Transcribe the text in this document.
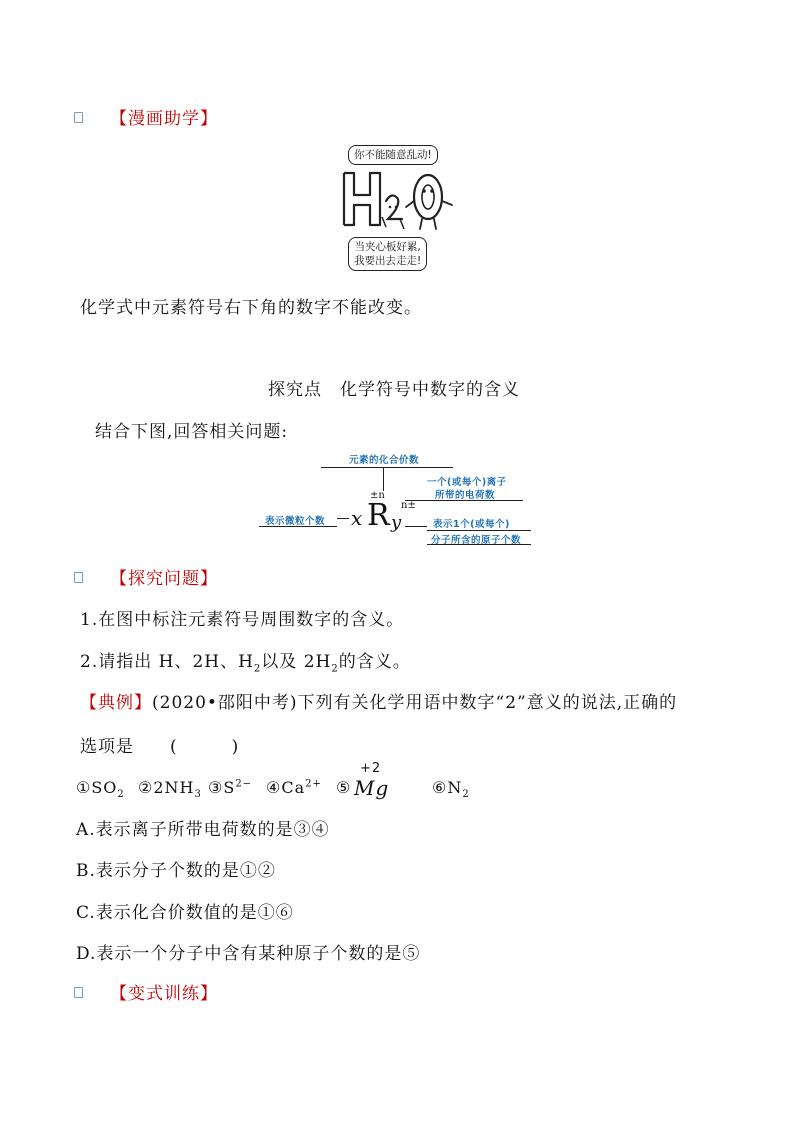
【漫画助学】
你不能随意乱动!
当夹心板好累,
我要出去走走!
化学式中元素符号右下角的数字不能改变。
探究点　化学符号中数字的含义
结合下图,回答相关问题:
元素的化合价数
一个(或每个)离子
所带的电荷数
表示微粒个数	表示1个(或每个)
分子所含的原子个数
±n
n±
x R y
【探究问题】
1.在图中标注元素符号周围数字的含义。
2.请指出 H、2H、$H_2$以及 $2H_2$的含义。
【典例】(2020•邵阳中考)下列有关化学用语中数字“2”意义的说法,正确的
选项是　　(　　　)
$①SO_2$ $②2NH_3$ $③S^{2-}$ $④Ca^{2+}$ ⑤ Mg
+2
$⑥N_2$
A.表示离子所带电荷数的是③④
B.表示分子个数的是①②
C.表示化合价数值的是①⑥
D.表示一个分子中含有某种原子个数的是⑤
【变式训练】
